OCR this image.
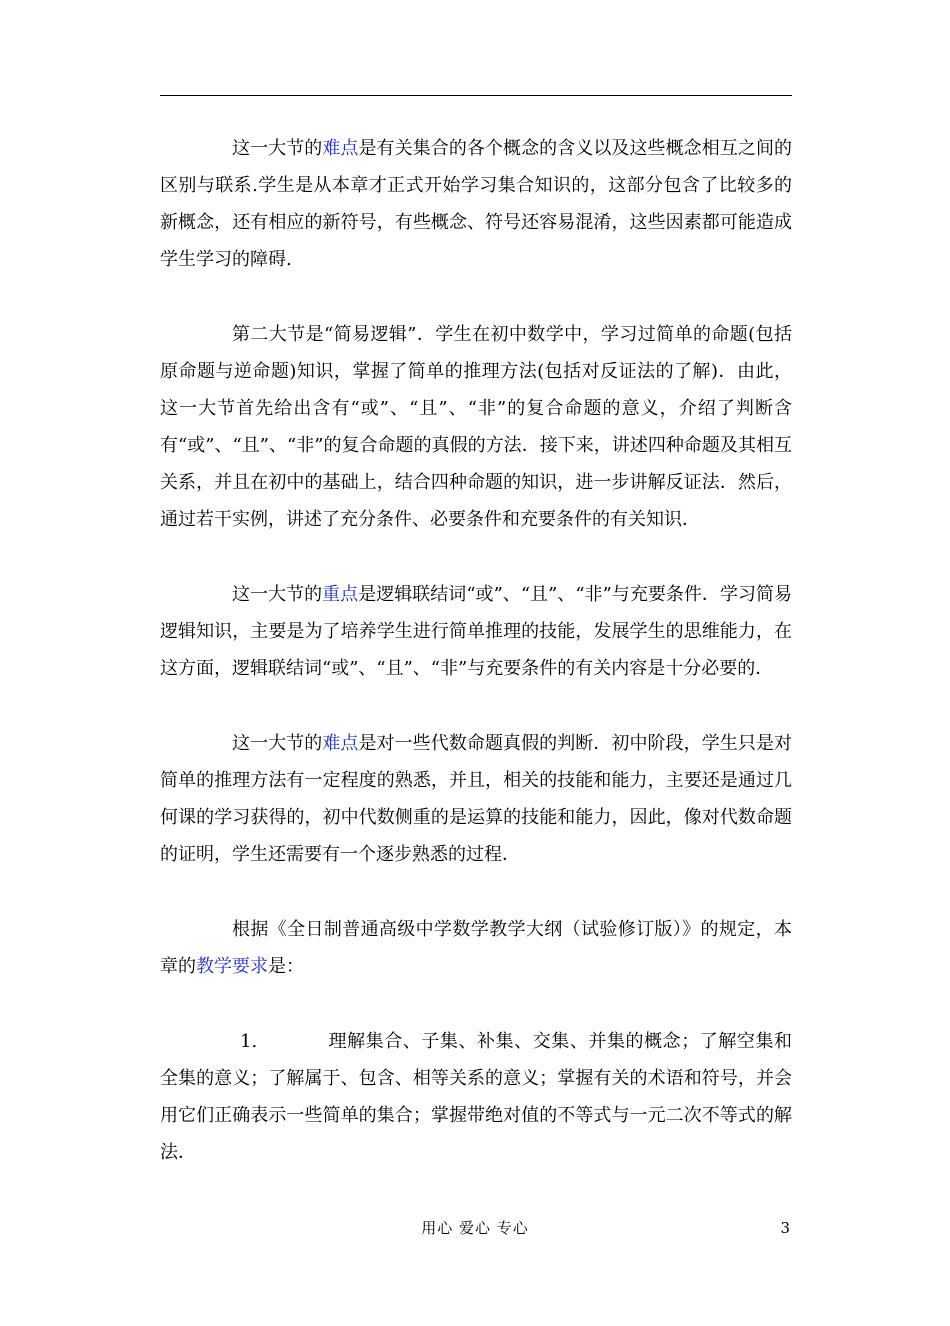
这一大节的难点是有关集合的各个概念的含义以及这些概念相互之间的区别与联系.学生是从本章才正式开始学习集合知识的，这部分包含了比较多的新概念，还有相应的新符号，有些概念、符号还容易混淆，这些因素都可能造成学生学习的障碍.

第二大节是“简易逻辑”．学生在初中数学中，学习过简单的命题(包括原命题与逆命题)知识，掌握了简单的推理方法(包括对反证法的了解)．由此，这一大节首先给出含有“或”、“且”、“非”的复合命题的意义，介绍了判断含有“或”、“且”、“非”的复合命题的真假的方法．接下来，讲述四种命题及其相互关系，并且在初中的基础上，结合四种命题的知识，进一步讲解反证法．然后，通过若干实例，讲述了充分条件、必要条件和充要条件的有关知识．

这一大节的重点是逻辑联结词“或”、“且”、“非”与充要条件．学习简易逻辑知识，主要是为了培养学生进行简单推理的技能，发展学生的思维能力，在这方面，逻辑联结词“或”、“且”、“非”与充要条件的有关内容是十分必要的．

这一大节的难点是对一些代数命题真假的判断．初中阶段，学生只是对简单的推理方法有一定程度的熟悉，并且，相关的技能和能力，主要还是通过几何课的学习获得的，初中代数侧重的是运算的技能和能力，因此，像对代数命题的证明，学生还需要有一个逐步熟悉的过程．

根据《全日制普通高级中学数学教学大纲（试验修订版）》的规定，本章的教学要求是：

1.	理解集合、子集、补集、交集、并集的概念；了解空集和全集的意义；了解属于、包含、相等关系的意义；掌握有关的术语和符号，并会用它们正确表示一些简单的集合；掌握带绝对值的不等式与一元二次不等式的解法．

用心 爱心 专心	3
